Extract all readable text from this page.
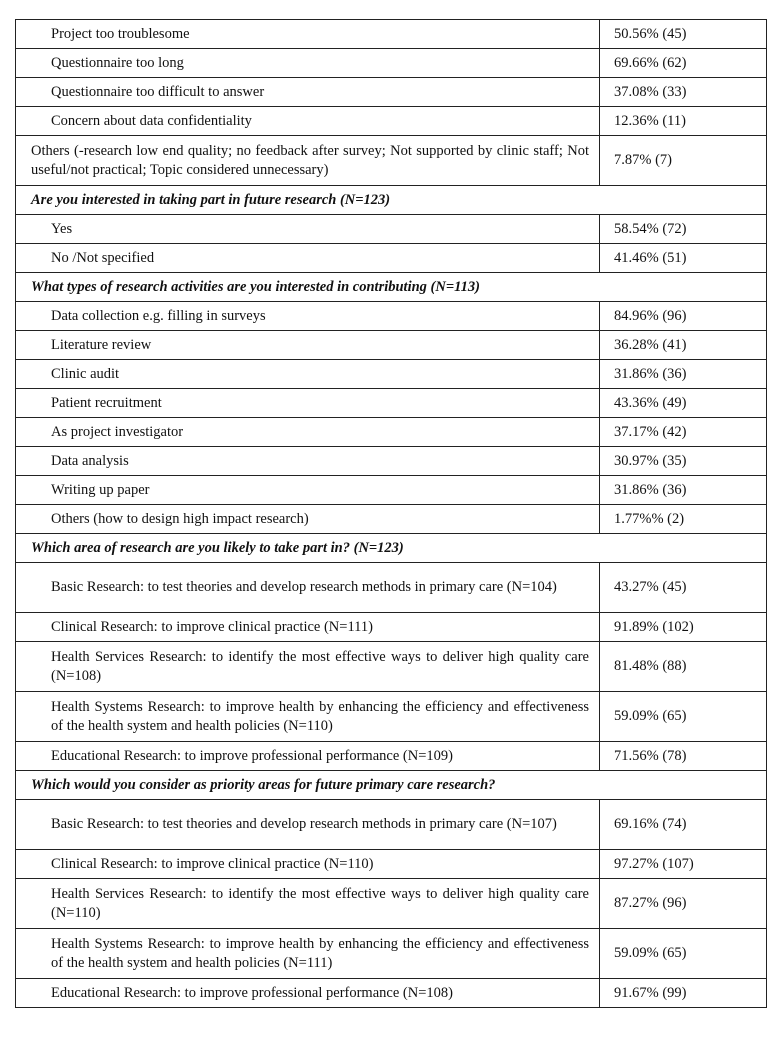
Project too troublesome	50.56% (45)
Questionnaire too long	69.66% (62)
Questionnaire too difficult to answer	37.08% (33)
Concern about data confidentiality	12.36% (11)
Others (-research low end quality; no feedback after survey; Not supported by clinic staff; Not useful/not practical; Topic considered unnecessary)	7.87% (7)
Are you interested in taking part in future research (N=123)	
Yes	58.54% (72)
No /Not specified	41.46% (51)
What types of research activities are you interested in contributing (N=113)	
Data collection e.g. filling in surveys	84.96% (96)
Literature review	36.28% (41)
Clinic audit	31.86% (36)
Patient recruitment	43.36% (49)
As project investigator	37.17% (42)
Data analysis	30.97% (35)
Writing up paper	31.86% (36)
Others (how to design high impact research)	1.77%% (2)
Which area of research are you likely to take part in? (N=123)	
Basic Research: to test theories and develop research methods in primary care (N=104)	43.27% (45)
Clinical Research: to improve clinical practice (N=111)	91.89% (102)
Health Services Research: to identify the most effective ways to deliver high quality care (N=108)	81.48% (88)
Health Systems Research: to improve health by enhancing the efficiency and effectiveness of the health system and health policies (N=110)	59.09% (65)
Educational Research: to improve professional performance (N=109)	71.56% (78)
Which would you consider as priority areas for future primary care research?	
Basic Research: to test theories and develop research methods in primary care (N=107)	69.16% (74)
Clinical Research: to improve clinical practice (N=110)	97.27% (107)
Health Services Research: to identify the most effective ways to deliver high quality care (N=110)	87.27% (96)
Health Systems Research: to improve health by enhancing the efficiency and effectiveness of the health system and health policies (N=111)	59.09% (65)
Educational Research: to improve professional performance (N=108)	91.67% (99)
